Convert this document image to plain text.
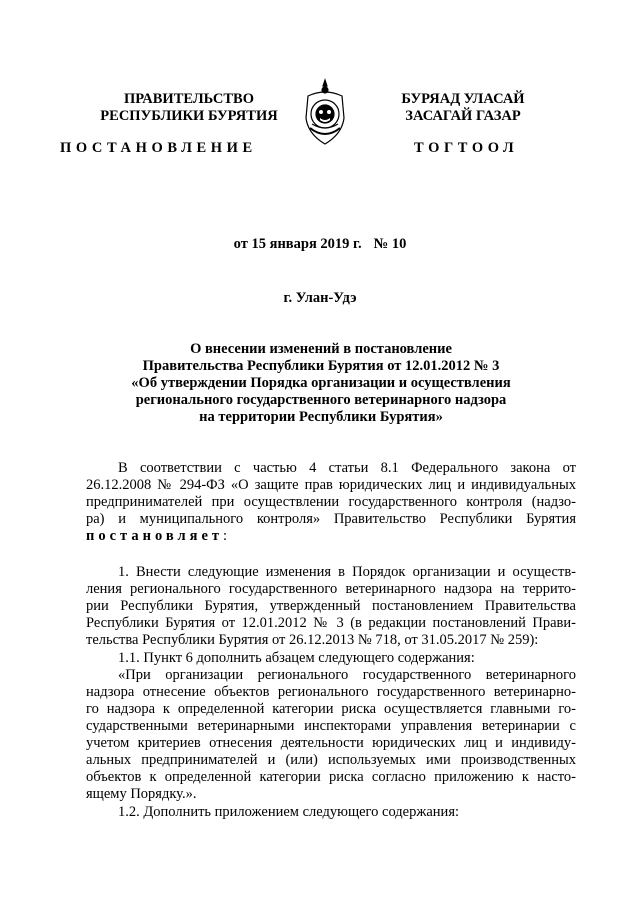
ПРАВИТЕЛЬСТВО
РЕСПУБЛИКИ БУРЯТИЯ
БУРЯАД УЛАСАЙ
ЗАСАГАЙ ГАЗАР
ПОСТАНОВЛЕНИЕ	ТОГТООЛ
от 15 января 2019 г. № 10
г. Улан-Удэ
О внесении изменений в постановление
Правительства Республики Бурятия от 12.01.2012 № 3
«Об утверждении Порядка организации и осуществления
регионального государственного ветеринарного надзора
на территории Республики Бурятия»
В соответствии с частью 4 статьи 8.1 Федерального закона от
26.12.2008 № 294-ФЗ «О защите прав юридических лиц и индивидуальных
предпринимателей при осуществлении государственного контроля (надзо-
ра) и муниципального контроля» Правительство Республики Бурятия
постановляет:
1. Внести следующие изменения в Порядок организации и осуществ-
ления регионального государственного ветеринарного надзора на террито-
рии Республики Бурятия, утвержденный постановлением Правительства
Республики Бурятия от 12.01.2012 № 3 (в редакции постановлений Прави-
тельства Республики Бурятия от 26.12.2013 № 718, от 31.05.2017 № 259):
1.1. Пункт 6 дополнить абзацем следующего содержания:
«При организации регионального государственного ветеринарного
надзора отнесение объектов регионального государственного ветеринарно-
го надзора к определенной категории риска осуществляется главными го-
сударственными ветеринарными инспекторами управления ветеринарии с
учетом критериев отнесения деятельности юридических лиц и индивиду-
альных предпринимателей и (или) используемых ими производственных
объектов к определенной категории риска согласно приложению к насто-
ящему Порядку.».
1.2. Дополнить приложением следующего содержания:
